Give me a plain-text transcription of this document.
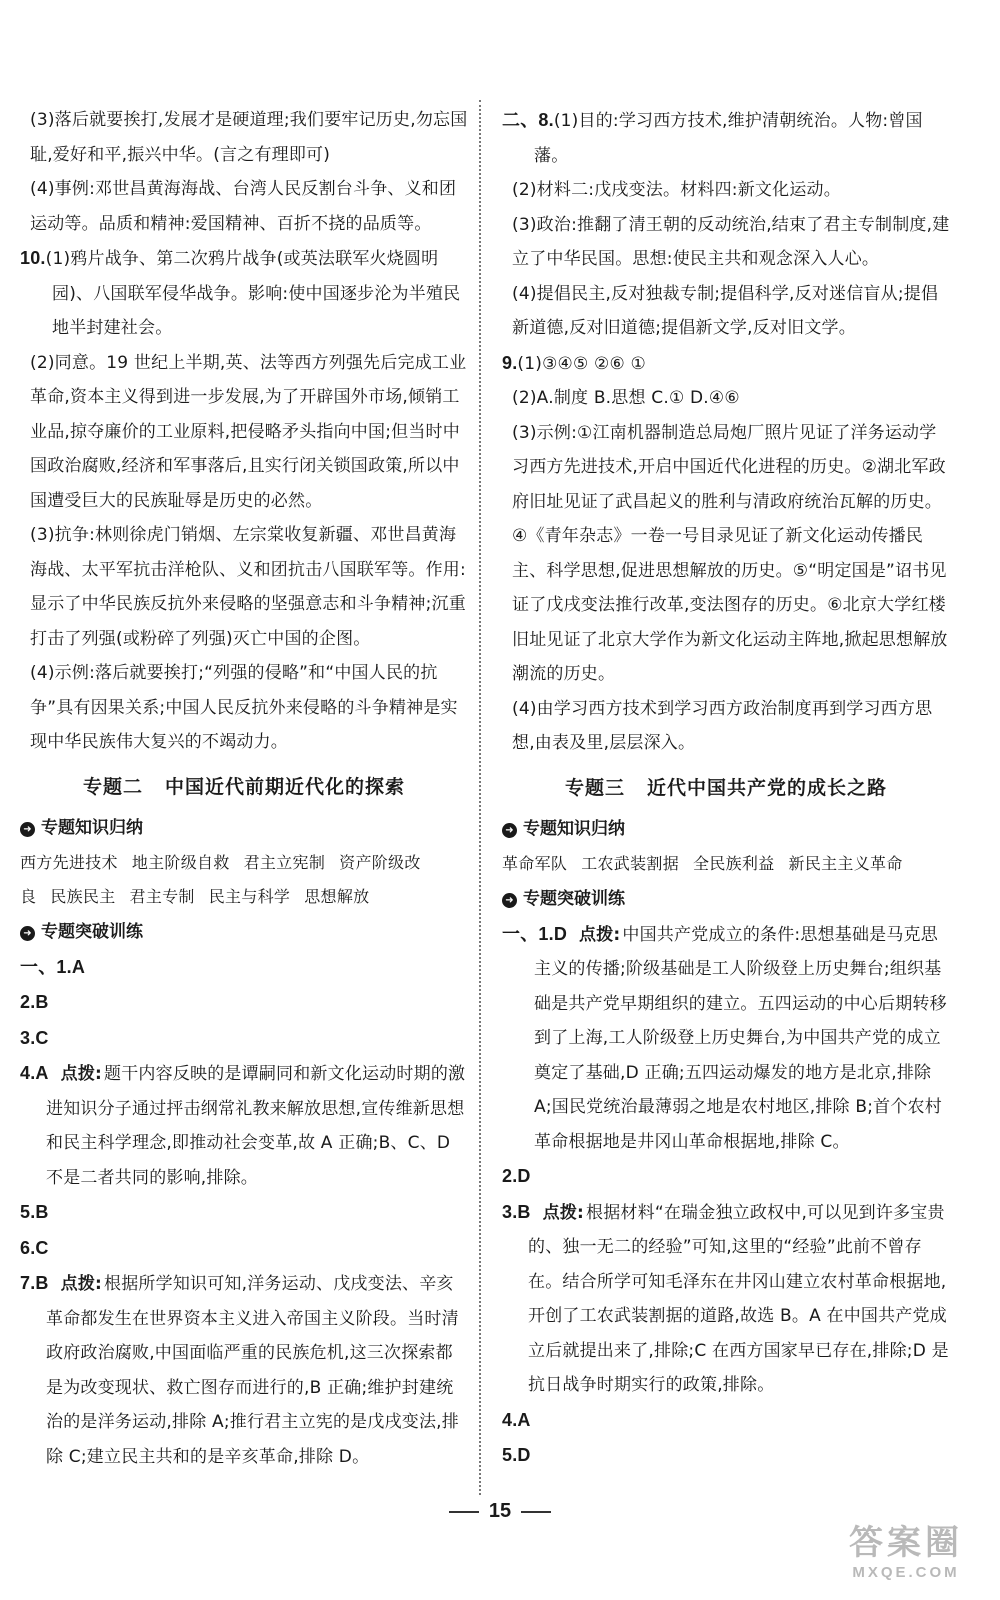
(3)落后就要挨打,发展才是硬道理;我们要牢记历史,勿忘国耻,爱好和平,振兴中华。(言之有理即可)

(4)事例:邓世昌黄海海战、台湾人民反割台斗争、义和团运动等。品质和精神:爱国精神、百折不挠的品质等。

10.(1)鸦片战争、第二次鸦片战争(或英法联军火烧圆明园)、八国联军侵华战争。影响:使中国逐步沦为半殖民地半封建社会。

(2)同意。19 世纪上半期,英、法等西方列强先后完成工业革命,资本主义得到进一步发展,为了开辟国外市场,倾销工业品,掠夺廉价的工业原料,把侵略矛头指向中国;但当时中国政治腐败,经济和军事落后,且实行闭关锁国政策,所以中国遭受巨大的民族耻辱是历史的必然。

(3)抗争:林则徐虎门销烟、左宗棠收复新疆、邓世昌黄海海战、太平军抗击洋枪队、义和团抗击八国联军等。作用:显示了中华民族反抗外来侵略的坚强意志和斗争精神;沉重打击了列强(或粉碎了列强)灭亡中国的企图。

(4)示例:落后就要挨打;“列强的侵略”和“中国人民的抗争”具有因果关系;中国人民反抗外来侵略的斗争精神是实现中华民族伟大复兴的不竭动力。

专题二 中国近代前期近代化的探索
➜ 专题知识归纳

西方先进技术 地主阶级自救 君主立宪制 资产阶级改

良 民族民主 君主专制 民主与科学 思想解放

➜ 专题突破训练

一、1.A

2.B

3.C

4.A 点拨: 题干内容反映的是谭嗣同和新文化运动时期的激进知识分子通过抨击纲常礼教来解放思想,宣传维新思想和民主科学理念,即推动社会变革,故 A 正确;B、C、D 不是二者共同的影响,排除。

5.B

6.C

7.B 点拨: 根据所学知识可知,洋务运动、戊戌变法、辛亥革命都发生在世界资本主义进入帝国主义阶段。当时清政府政治腐败,中国面临严重的民族危机,这三次探索都是为改变现状、救亡图存而进行的,B 正确;维护封建统治的是洋务运动,排除 A;推行君主立宪的是戊戌变法,排除 C;建立民主共和的是辛亥革命,排除 D。

二、8.(1)目的:学习西方技术,维护清朝统治。人物:曾国藩。

(2)材料二:戊戌变法。材料四:新文化运动。

(3)政治:推翻了清王朝的反动统治,结束了君主专制制度,建立了中华民国。思想:使民主共和观念深入人心。

(4)提倡民主,反对独裁专制;提倡科学,反对迷信盲从;提倡新道德,反对旧道德;提倡新文学,反对旧文学。

9.(1)③④⑤ ②⑥ ①

(2)A.制度 B.思想 C.① D.④⑥

(3)示例:①江南机器制造总局炮厂照片见证了洋务运动学习西方先进技术,开启中国近代化进程的历史。②湖北军政府旧址见证了武昌起义的胜利与清政府统治瓦解的历史。④《青年杂志》一卷一号目录见证了新文化运动传播民主、科学思想,促进思想解放的历史。⑤“明定国是”诏书见证了戊戌变法推行改革,变法图存的历史。⑥北京大学红楼旧址见证了北京大学作为新文化运动主阵地,掀起思想解放潮流的历史。

(4)由学习西方技术到学习西方政治制度再到学习西方思想,由表及里,层层深入。

专题三 近代中国共产党的成长之路
➜ 专题知识归纳

革命军队 工农武装割据 全民族利益 新民主主义革命

➜ 专题突破训练

一、1.D 点拨: 中国共产党成立的条件:思想基础是马克思主义的传播;阶级基础是工人阶级登上历史舞台;组织基础是共产党早期组织的建立。五四运动的中心后期转移到了上海,工人阶级登上历史舞台,为中国共产党的成立奠定了基础,D 正确;五四运动爆发的地方是北京,排除 A;国民党统治最薄弱之地是农村地区,排除 B;首个农村革命根据地是井冈山革命根据地,排除 C。

2.D

3.B 点拨: 根据材料“在瑞金独立政权中,可以见到许多宝贵的、独一无二的经验”可知,这里的“经验”此前不曾存在。结合所学可知毛泽东在井冈山建立农村革命根据地,开创了工农武装割据的道路,故选 B。A 在中国共产党成立后就提出来了,排除;C 在西方国家早已存在,排除;D 是抗日战争时期实行的政策,排除。

4.A

5.D

15
答案圈
MXQE.COM
